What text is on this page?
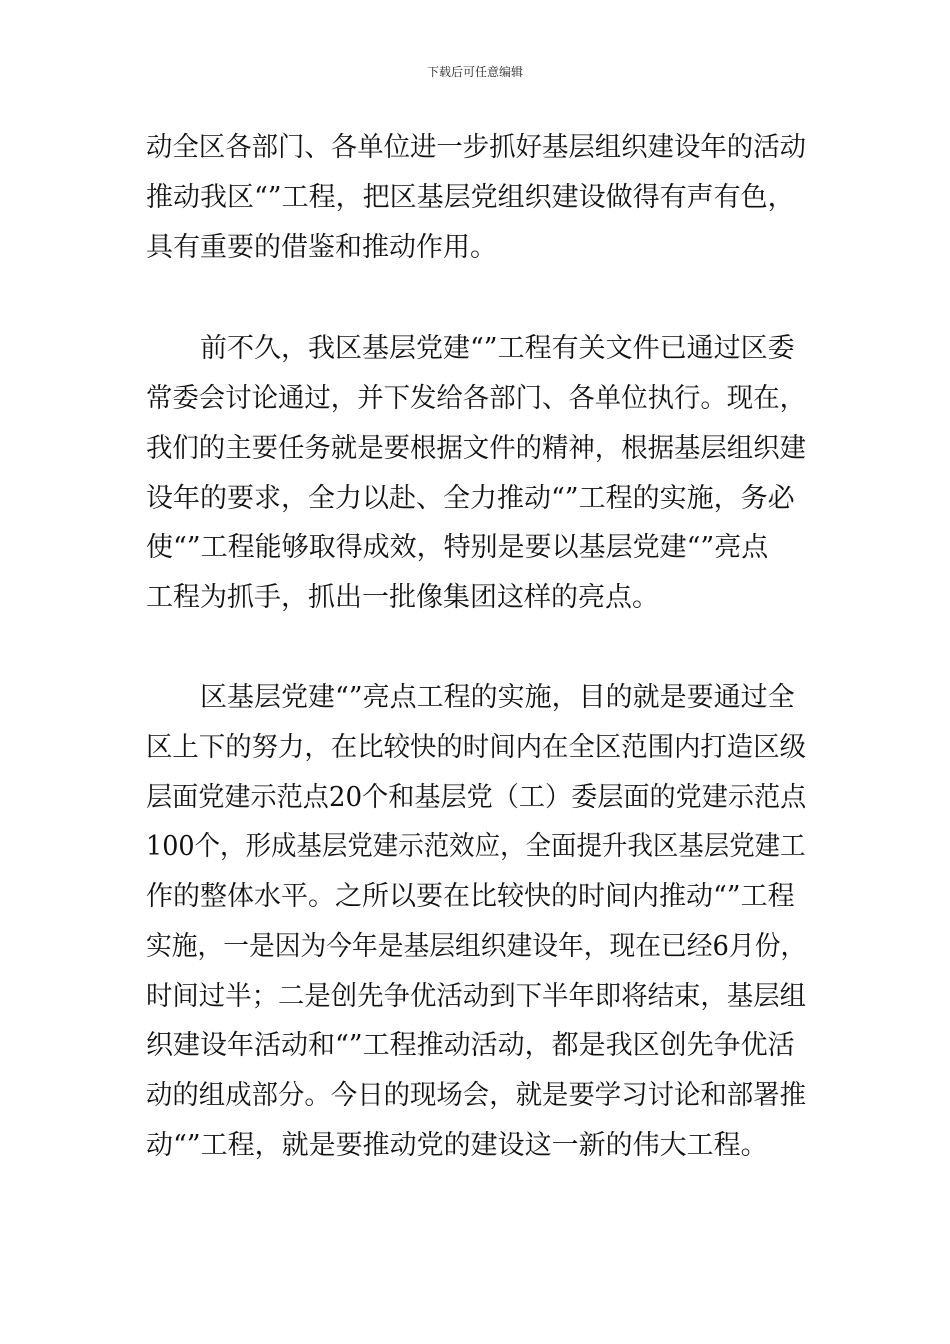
下载后可任意编辑
动全区各部门、各单位进一步抓好基层组织建设年的活动
推动我区“”工程，把区基层党组织建设做得有声有色，
具有重要的借鉴和推动作用。
前不久，我区基层党建“”工程有关文件已通过区委
常委会讨论通过，并下发给各部门、各单位执行。现在，
我们的主要任务就是要根据文件的精神，根据基层组织建
设年的要求，全力以赴、全力推动“”工程的实施，务必
使“”工程能够取得成效，特别是要以基层党建“”亮点
工程为抓手，抓出一批像集团这样的亮点。
区基层党建“”亮点工程的实施，目的就是要通过全
区上下的努力，在比较快的时间内在全区范围内打造区级
层面党建示范点20个和基层党（工）委层面的党建示范点
100个，形成基层党建示范效应，全面提升我区基层党建工
作的整体水平。之所以要在比较快的时间内推动“”工程
实施，一是因为今年是基层组织建设年，现在已经6月份，
时间过半；二是创先争优活动到下半年即将结束，基层组
织建设年活动和“”工程推动活动，都是我区创先争优活
动的组成部分。今日的现场会，就是要学习讨论和部署推
动“”工程，就是要推动党的建设这一新的伟大工程。
